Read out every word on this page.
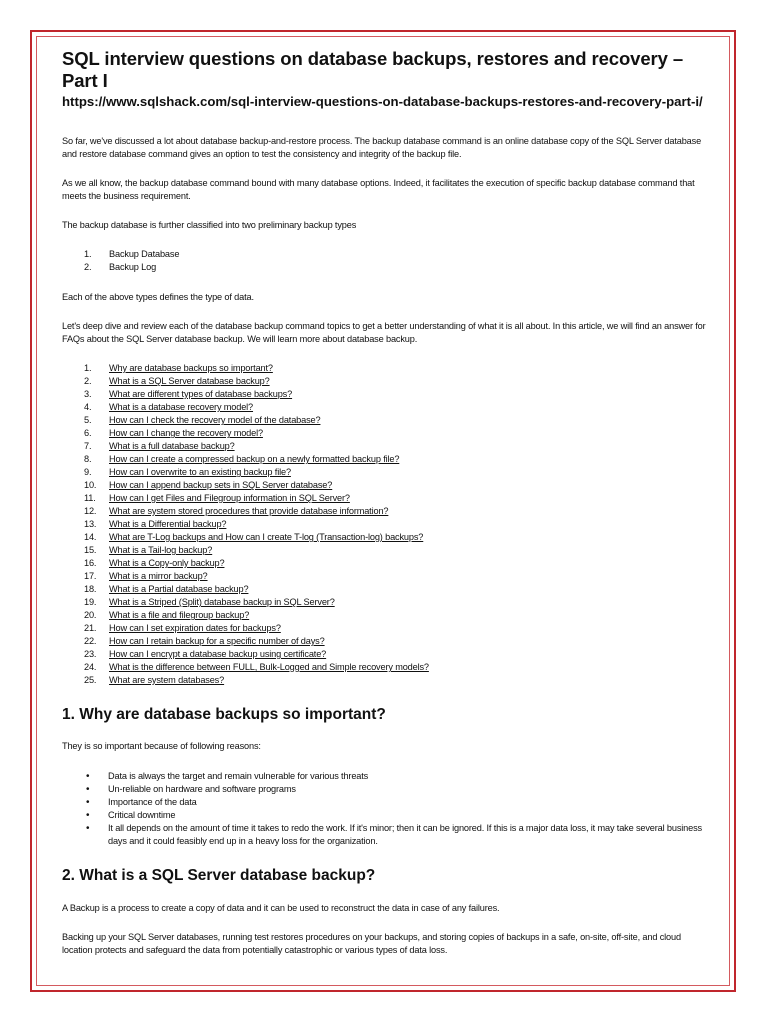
SQL interview questions on database backups, restores and recovery – Part I
https://www.sqlshack.com/sql-interview-questions-on-database-backups-restores-and-recovery-part-i/

So far, we've discussed a lot about database backup-and-restore process. The backup database command is an online database copy of the SQL Server database and restore database command gives an option to test the consistency and integrity of the backup file.

As we all know, the backup database command bound with many database options. Indeed, it facilitates the execution of specific backup database command that meets the business requirement.

The backup database is further classified into two preliminary backup types

1.	Backup Database
2.	Backup Log

Each of the above types defines the type of data.

Let's deep dive and review each of the database backup command topics to get a better understanding of what it is all about. In this article, we will find an answer for FAQs about the SQL Server database backup. We will learn more about database backup.

1.	Why are database backups so important?
2.	What is a SQL Server database backup?
3.	What are different types of database backups?
4.	What is a database recovery model?
5.	How can I check the recovery model of the database?
6.	How can I change the recovery model?
7.	What is a full database backup?
8.	How can I create a compressed backup on a newly formatted backup file?
9.	How can I overwrite to an existing backup file?
10.	How can I append backup sets in SQL Server database?
11.	How can I get Files and Filegroup information in SQL Server?
12.	What are system stored procedures that provide database information?
13.	What is a Differential backup?
14.	What are T-Log backups and How can I create T-log (Transaction-log) backups?
15.	What is a Tail-log backup?
16.	What is a Copy-only backup?
17.	What is a mirror backup?
18.	What is a Partial database backup?
19.	What is a Striped (Split) database backup in SQL Server?
20.	What is a file and filegroup backup?
21.	How can I set expiration dates for backups?
22.	How can I retain backup for a specific number of days?
23.	How can I encrypt a database backup using certificate?
24.	What is the difference between FULL, Bulk-Logged and Simple recovery models?
25.	What are system databases?
1. Why are database backups so important?

They is so important because of following reasons:

• Data is always the target and remain vulnerable for various threats
• Un-reliable on hardware and software programs
• Importance of the data
• Critical downtime
• It all depends on the amount of time it takes to redo the work. If it's minor; then it can be ignored. If this is a major data loss, it may take several business days and it could feasibly end up in a heavy loss for the organization.
2. What is a SQL Server database backup?

A Backup is a process to create a copy of data and it can be used to reconstruct the data in case of any failures.

Backing up your SQL Server databases, running test restores procedures on your backups, and storing copies of backups in a safe, on-site, off-site, and cloud location protects and safeguard the data from potentially catastrophic or various types of data loss.
